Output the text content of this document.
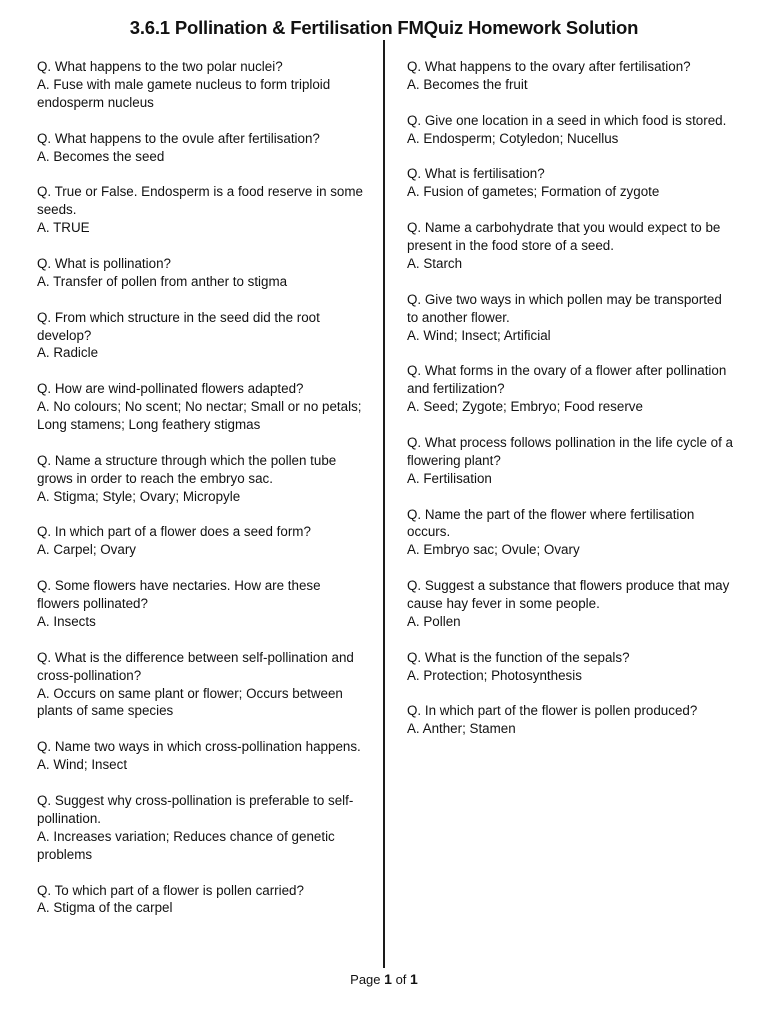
3.6.1 Pollination & Fertilisation FMQuiz Homework Solution

Q. What happens to the two polar nuclei?

A. Fuse with male gamete nucleus to form triploid endosperm nucleus

Q. What happens to the ovule after fertilisation?

A. Becomes the seed

Q. True or False. Endosperm is a food reserve in some seeds.

A. TRUE

Q. What is pollination?

A. Transfer of pollen from anther to stigma

Q. From which structure in the seed did the root develop?

A. Radicle

Q. How are wind-pollinated flowers adapted?

A. No colours; No scent; No nectar; Small or no petals; Long stamens; Long feathery stigmas

Q. Name a structure through which the pollen tube grows in order to reach the embryo sac.

A. Stigma; Style; Ovary; Micropyle

Q. In which part of a flower does a seed form?

A. Carpel; Ovary

Q. Some flowers have nectaries. How are these flowers pollinated?

A. Insects

Q. What is the difference between self-pollination and cross-pollination?

A. Occurs on same plant or flower; Occurs between plants of same species

Q. Name two ways in which cross-pollination happens.

A. Wind; Insect

Q. Suggest why cross-pollination is preferable to self-pollination.

A. Increases variation; Reduces chance of genetic problems

Q. To which part of a flower is pollen carried?

A. Stigma of the carpel

Q. What happens to the ovary after fertilisation?

A. Becomes the fruit

Q. Give one location in a seed in which food is stored.

A. Endosperm; Cotyledon; Nucellus

Q. What is fertilisation?

A. Fusion of gametes; Formation of zygote

Q. Name a carbohydrate that you would expect to be present in the food store of a seed.

A. Starch

Q. Give two ways in which pollen may be transported to another flower.

A. Wind; Insect; Artificial

Q. What forms in the ovary of a flower after pollination and fertilization?

A. Seed; Zygote; Embryo; Food reserve

Q. What process follows pollination in the life cycle of a flowering plant?

A. Fertilisation

Q. Name the part of the flower where fertilisation occurs.

A. Embryo sac; Ovule; Ovary

Q. Suggest a substance that flowers produce that may cause hay fever in some people.

A. Pollen

Q. What is the function of the sepals?

A. Protection; Photosynthesis

Q. In which part of the flower is pollen produced?

A. Anther; Stamen

Page 1 of 1
